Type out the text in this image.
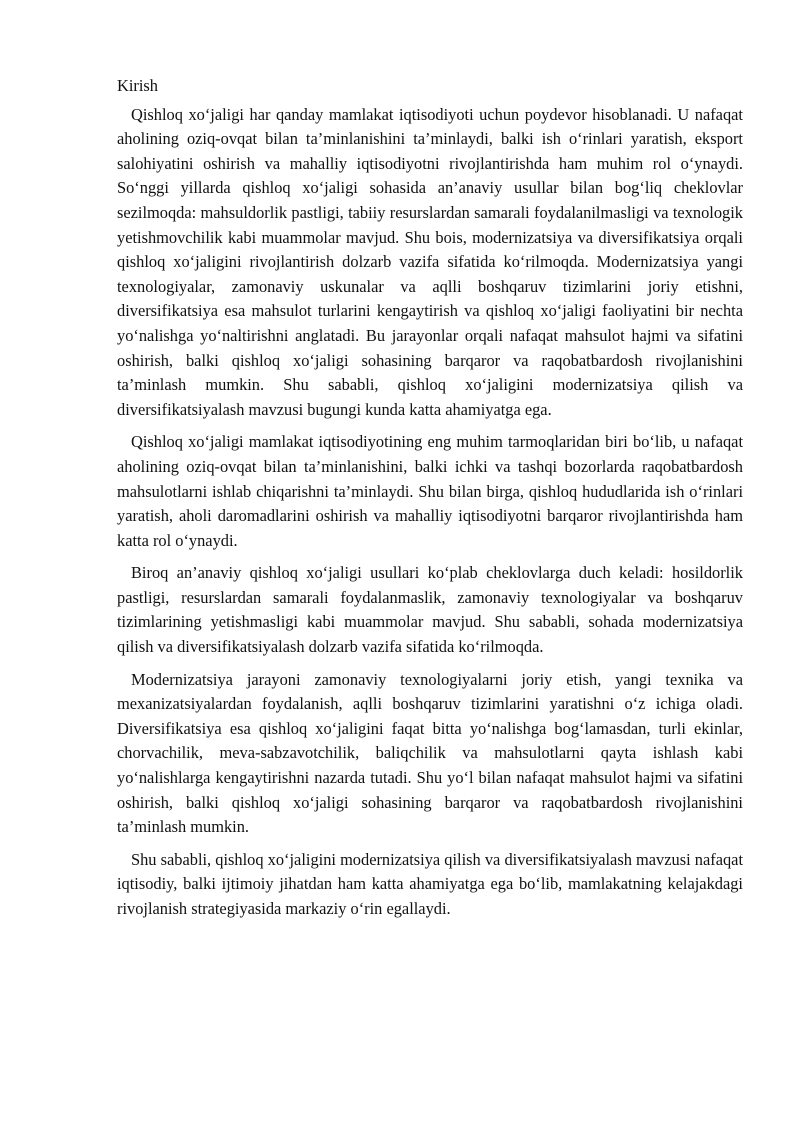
Kirish

Qishloq xo‘jaligi har qanday mamlakat iqtisodiyoti uchun poydevor hisoblanadi. U nafaqat aholining oziq-ovqat bilan ta’minlanishini ta’minlaydi, balki ish o‘rinlari yaratish, eksport salohiyatini oshirish va mahalliy iqtisodiyotni rivojlantirishda ham muhim rol o‘ynaydi. So‘nggi yillarda qishloq xo‘jaligi sohasida an’anaviy usullar bilan bog‘liq cheklovlar sezilmoqda: mahsuldorlik pastligi, tabiiy resurslardan samarali foydalanilmasligi va texnologik yetishmovchilik kabi muammolar mavjud. Shu bois, modernizatsiya va diversifikatsiya orqali qishloq xo‘jaligini rivojlantirish dolzarb vazifa sifatida ko‘rilmoqda. Modernizatsiya yangi texnologiyalar, zamonaviy uskunalar va aqlli boshqaruv tizimlarini joriy etishni, diversifikatsiya esa mahsulot turlarini kengaytirish va qishloq xo‘jaligi faoliyatini bir nechta yo‘nalishga yo‘naltirishni anglatadi. Bu jarayonlar orqali nafaqat mahsulot hajmi va sifatini oshirish, balki qishloq xo‘jaligi sohasining barqaror va raqobatbardosh rivojlanishini ta’minlash mumkin. Shu sababli, qishloq xo‘jaligini modernizatsiya qilish va diversifikatsiyalash mavzusi bugungi kunda katta ahamiyatga ega.

Qishloq xo‘jaligi mamlakat iqtisodiyotining eng muhim tarmoqlaridan biri bo‘lib, u nafaqat aholining oziq-ovqat bilan ta’minlanishini, balki ichki va tashqi bozorlarda raqobatbardosh mahsulotlarni ishlab chiqarishni ta’minlaydi. Shu bilan birga, qishloq hududlarida ish o‘rinlari yaratish, aholi daromadlarini oshirish va mahalliy iqtisodiyotni barqaror rivojlantirishda ham katta rol o‘ynaydi.

Biroq an’anaviy qishloq xo‘jaligi usullari ko‘plab cheklovlarga duch keladi: hosildorlik pastligi, resurslardan samarali foydalanmaslik, zamonaviy texnologiyalar va boshqaruv tizimlarining yetishmasligi kabi muammolar mavjud. Shu sababli, sohada modernizatsiya qilish va diversifikatsiyalash dolzarb vazifa sifatida ko‘rilmoqda.

Modernizatsiya jarayoni zamonaviy texnologiyalarni joriy etish, yangi texnika va mexanizatsiyalardan foydalanish, aqlli boshqaruv tizimlarini yaratishni o‘z ichiga oladi. Diversifikatsiya esa qishloq xo‘jaligini faqat bitta yo‘nalishga bog‘lamasdan, turli ekinlar, chorvachilik, meva-sabzavotchilik, baliqchilik va mahsulotlarni qayta ishlash kabi yo‘nalishlarga kengaytirishni nazarda tutadi. Shu yo‘l bilan nafaqat mahsulot hajmi va sifatini oshirish, balki qishloq xo‘jaligi sohasining barqaror va raqobatbardosh rivojlanishini ta’minlash mumkin.

Shu sababli, qishloq xo‘jaligini modernizatsiya qilish va diversifikatsiyalash mavzusi nafaqat iqtisodiy, balki ijtimoiy jihatdan ham katta ahamiyatga ega bo‘lib, mamlakatning kelajakdagi rivojlanish strategiyasida markaziy o‘rin egallaydi.
